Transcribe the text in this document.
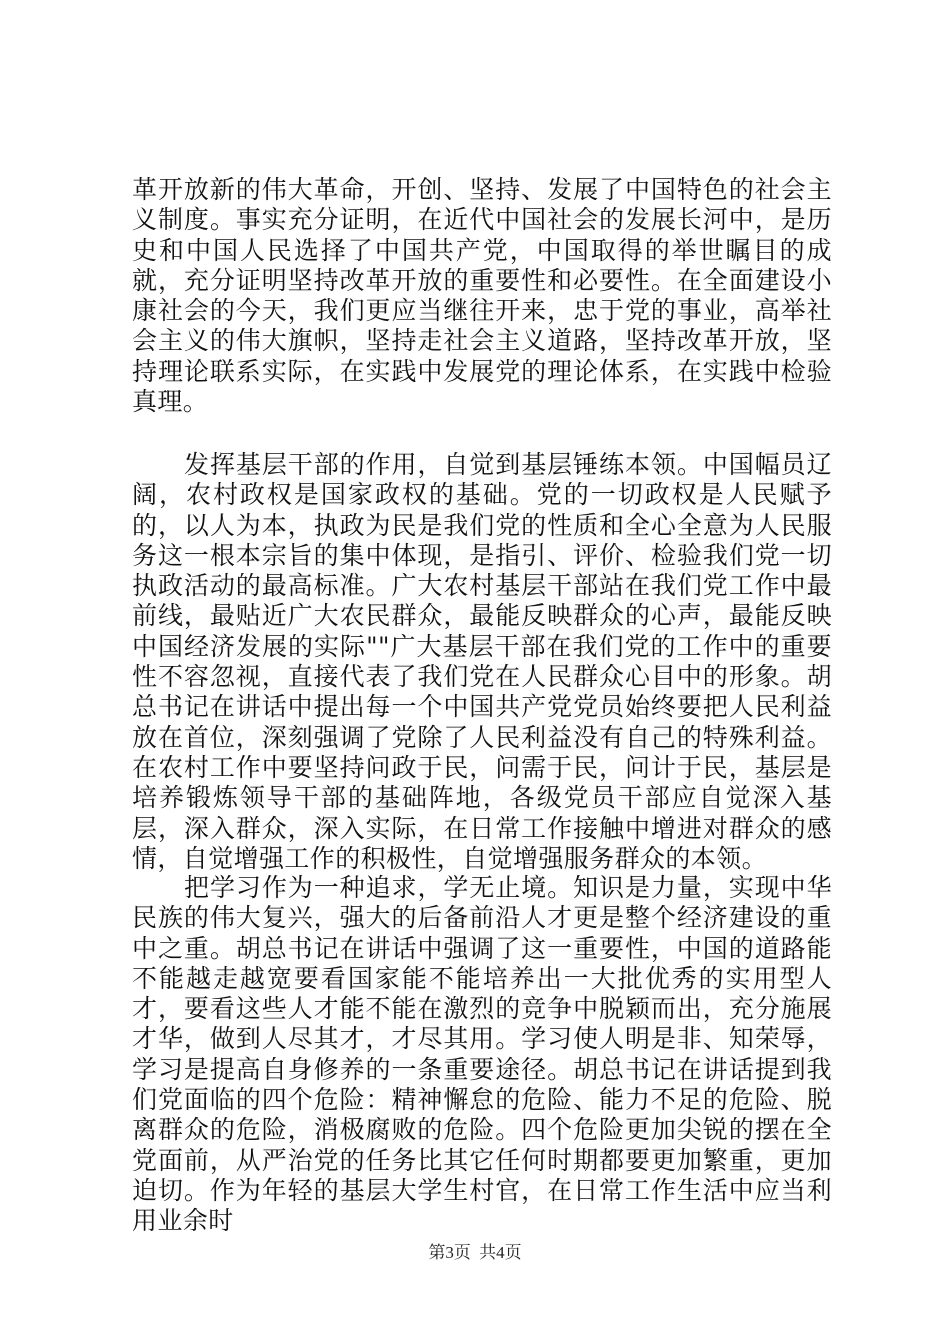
革开放新的伟大革命，开创、坚持、发展了中国特色的社会主义制度。事实充分证明，在近代中国社会的发展长河中，是历史和中国人民选择了中国共产党，中国取得的举世瞩目的成就，充分证明坚持改革开放的重要性和必要性。在全面建设小康社会的今天，我们更应当继往开来，忠于党的事业，高举社会主义的伟大旗帜，坚持走社会主义道路，坚持改革开放，坚持理论联系实际，在实践中发展党的理论体系，在实践中检验真理。

发挥基层干部的作用，自觉到基层锤练本领。中国幅员辽阔，农村政权是国家政权的基础。党的一切政权是人民赋予的，以人为本，执政为民是我们党的性质和全心全意为人民服务这一根本宗旨的集中体现，是指引、评价、检验我们党一切执政活动的最高标准。广大农村基层干部站在我们党工作中最前线，最贴近广大农民群众，最能反映群众的心声，最能反映中国经济发展的实际""广大基层干部在我们党的工作中的重要性不容忽视，直接代表了我们党在人民群众心目中的形象。胡总书记在讲话中提出每一个中国共产党党员始终要把人民利益放在首位，深刻强调了党除了人民利益没有自己的特殊利益。在农村工作中要坚持问政于民，问需于民，问计于民，基层是培养锻炼领导干部的基础阵地，各级党员干部应自觉深入基层，深入群众，深入实际，在日常工作接触中增进对群众的感情，自觉增强工作的积极性，自觉增强服务群众的本领。

把学习作为一种追求，学无止境。知识是力量，实现中华民族的伟大复兴，强大的后备前沿人才更是整个经济建设的重中之重。胡总书记在讲话中强调了这一重要性，中国的道路能不能越走越宽要看国家能不能培养出一大批优秀的实用型人才，要看这些人才能不能在激烈的竞争中脱颖而出，充分施展才华，做到人尽其才，才尽其用。学习使人明是非、知荣辱，学习是提高自身修养的一条重要途径。胡总书记在讲话提到我们党面临的四个危险：精神懈怠的危险、能力不足的危险、脱离群众的危险，消极腐败的危险。四个危险更加尖锐的摆在全党面前，从严治党的任务比其它任何时期都要更加繁重，更加迫切。作为年轻的基层大学生村官，在日常工作生活中应当利用业余时

第3页 共4页
